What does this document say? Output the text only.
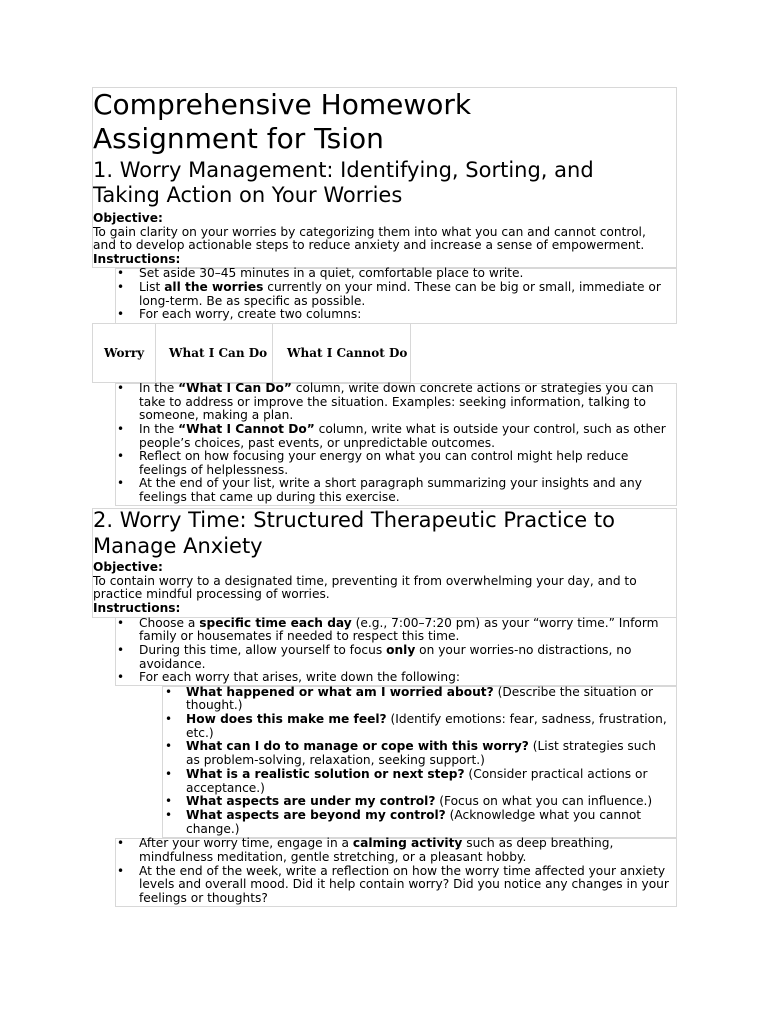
Comprehensive Homework
Assignment for Tsion
1. Worry Management: Identifying, Sorting, and
Taking Action on Your Worries
Objective:
To gain clarity on your worries by categorizing them into what you can and cannot control,
and to develop actionable steps to reduce anxiety and increase a sense of empowerment.
Instructions:
• Set aside 30–45 minutes in a quiet, comfortable place to write.
• List all the worries currently on your mind. These can be big or small, immediate or
long-term. Be as specific as possible.
• For each worry, create two columns:
Worry What I Can Do What I Cannot Do
• In the “What I Can Do” column, write down concrete actions or strategies you can
take to address or improve the situation. Examples: seeking information, talking to
someone, making a plan.
• In the “What I Cannot Do” column, write what is outside your control, such as other
people’s choices, past events, or unpredictable outcomes.
• Reflect on how focusing your energy on what you can control might help reduce
feelings of helplessness.
• At the end of your list, write a short paragraph summarizing your insights and any
feelings that came up during this exercise.
2. Worry Time: Structured Therapeutic Practice to
Manage Anxiety
Objective:
To contain worry to a designated time, preventing it from overwhelming your day, and to
practice mindful processing of worries.
Instructions:
• Choose a specific time each day (e.g., 7:00–7:20 pm) as your “worry time.” Inform
family or housemates if needed to respect this time.
• During this time, allow yourself to focus only on your worries-no distractions, no
avoidance.
• For each worry that arises, write down the following:
• What happened or what am I worried about? (Describe the situation or
thought.)
• How does this make me feel? (Identify emotions: fear, sadness, frustration,
etc.)
• What can I do to manage or cope with this worry? (List strategies such
as problem-solving, relaxation, seeking support.)
• What is a realistic solution or next step? (Consider practical actions or
acceptance.)
• What aspects are under my control? (Focus on what you can influence.)
• What aspects are beyond my control? (Acknowledge what you cannot
change.)
• After your worry time, engage in a calming activity such as deep breathing,
mindfulness meditation, gentle stretching, or a pleasant hobby.
• At the end of the week, write a reflection on how the worry time affected your anxiety
levels and overall mood. Did it help contain worry? Did you notice any changes in your
feelings or thoughts?
